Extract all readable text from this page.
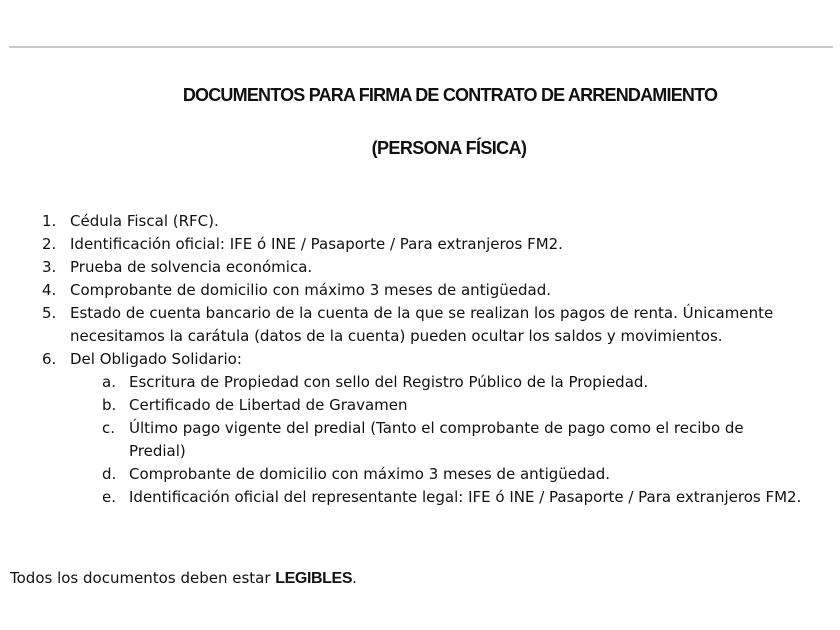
DOCUMENTOS PARA FIRMA DE CONTRATO DE ARRENDAMIENTO
(PERSONA FÍSICA)
1. Cédula Fiscal (RFC).
2. Identificación oficial: IFE ó INE / Pasaporte / Para extranjeros FM2.
3. Prueba de solvencia económica.
4. Comprobante de domicilio con máximo 3 meses de antigüedad.
5. Estado de cuenta bancario de la cuenta de la que se realizan los pagos de renta. Únicamente necesitamos la carátula (datos de la cuenta) pueden ocultar los saldos y movimientos.
6. Del Obligado Solidario:
a. Escritura de Propiedad con sello del Registro Público de la Propiedad.
b. Certificado de Libertad de Gravamen
c. Último pago vigente del predial (Tanto el comprobante de pago como el recibo de Predial)
d. Comprobante de domicilio con máximo 3 meses de antigüedad.
e. Identificación oficial del representante legal: IFE ó INE / Pasaporte / Para extranjeros FM2.
Todos los documentos deben estar LEGIBLES.
